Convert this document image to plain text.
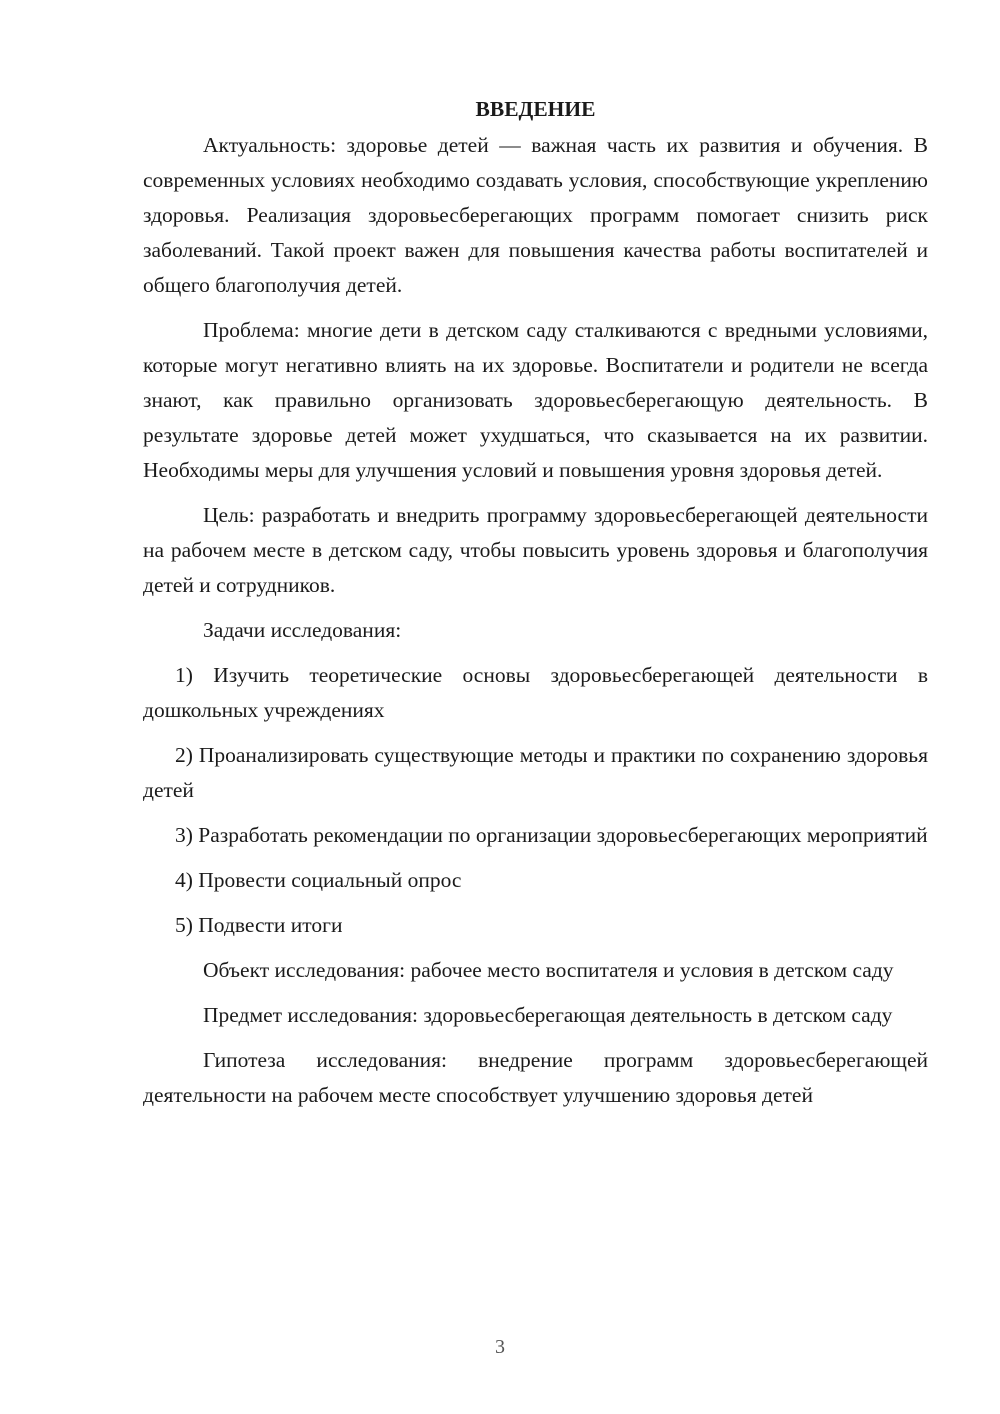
ВВЕДЕНИЕ

Актуальность: здоровье детей — важная часть их развития и обучения. В современных условиях необходимо создавать условия, способствующие укреплению здоровья. Реализация здоровьесберегающих программ помогает снизить риск заболеваний. Такой проект важен для повышения качества работы воспитателей и общего благополучия детей.

Проблема: многие дети в детском саду сталкиваются с вредными условиями, которые могут негативно влиять на их здоровье. Воспитатели и родители не всегда знают, как правильно организовать здоровьесберегающую деятельность. В результате здоровье детей может ухудшаться, что сказывается на их развитии. Необходимы меры для улучшения условий и повышения уровня здоровья детей.

Цель: разработать и внедрить программу здоровьесберегающей деятельности на рабочем месте в детском саду, чтобы повысить уровень здоровья и благополучия детей и сотрудников.

Задачи исследования:

1) Изучить теоретические основы здоровьесберегающей деятельности в дошкольных учреждениях

2) Проанализировать существующие методы и практики по сохранению здоровья детей

3) Разработать рекомендации по организации здоровьесберегающих мероприятий

4) Провести социальный опрос

5) Подвести итоги

Объект исследования: рабочее место воспитателя и условия в детском саду

Предмет исследования: здоровьесберегающая деятельность в детском саду

Гипотеза исследования: внедрение программ здоровьесберегающей деятельности на рабочем месте способствует улучшению здоровья детей

3
